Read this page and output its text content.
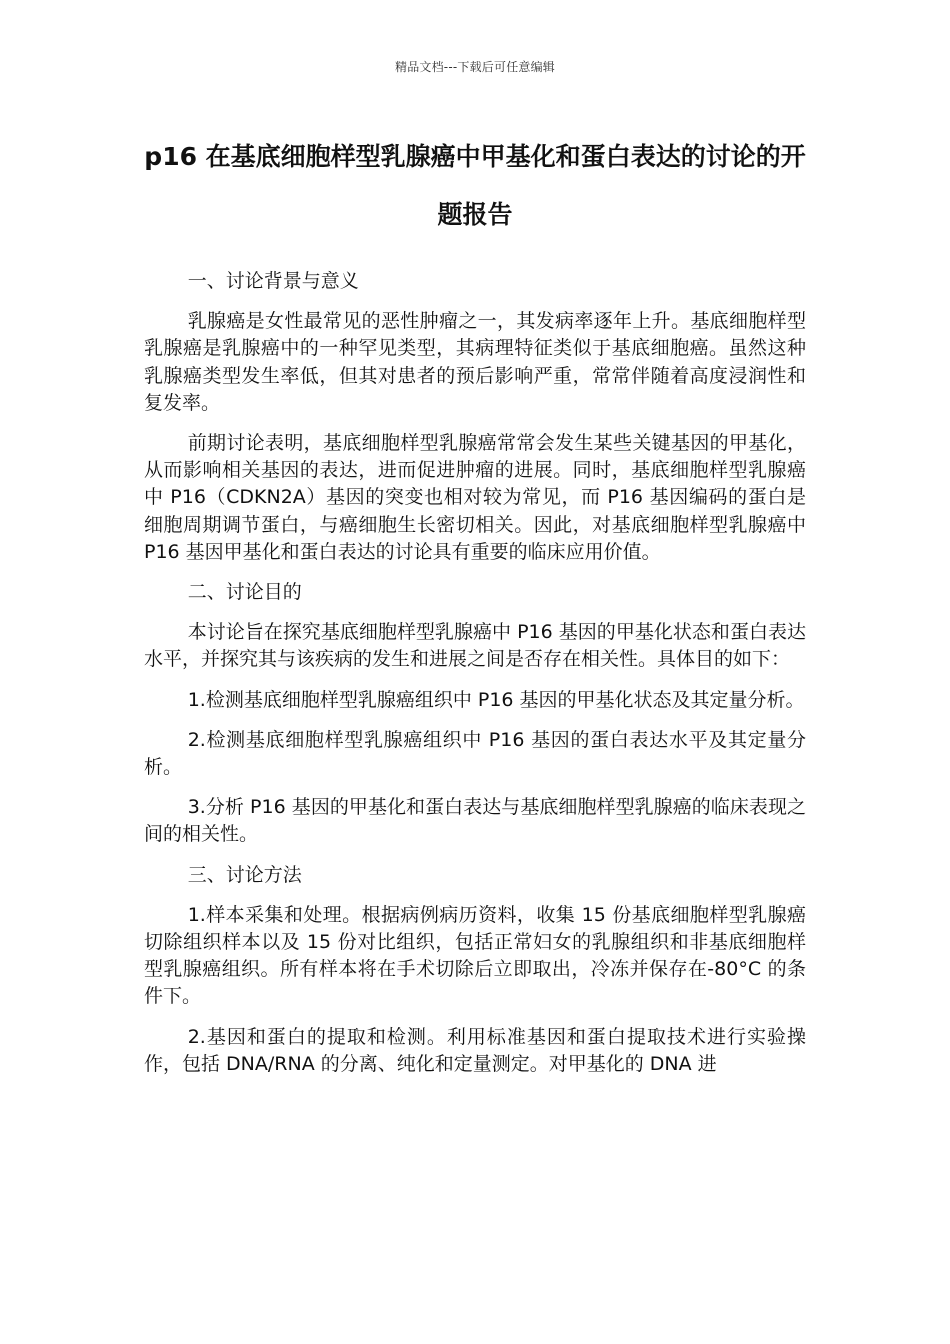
精品文档---下载后可任意编辑
p16 在基底细胞样型乳腺癌中甲基化和蛋白表达的讨论的开题报告

一、讨论背景与意义

乳腺癌是女性最常见的恶性肿瘤之一，其发病率逐年上升。基底细胞样型乳腺癌是乳腺癌中的一种罕见类型，其病理特征类似于基底细胞癌。虽然这种乳腺癌类型发生率低，但其对患者的预后影响严重，常常伴随着高度浸润性和复发率。

前期讨论表明，基底细胞样型乳腺癌常常会发生某些关键基因的甲基化，从而影响相关基因的表达，进而促进肿瘤的进展。同时，基底细胞样型乳腺癌中 P16（CDKN2A）基因的突变也相对较为常见，而 P16 基因编码的蛋白是细胞周期调节蛋白，与癌细胞生长密切相关。因此，对基底细胞样型乳腺癌中 P16 基因甲基化和蛋白表达的讨论具有重要的临床应用价值。

二、讨论目的

本讨论旨在探究基底细胞样型乳腺癌中 P16 基因的甲基化状态和蛋白表达水平，并探究其与该疾病的发生和进展之间是否存在相关性。具体目的如下：

1.检测基底细胞样型乳腺癌组织中 P16 基因的甲基化状态及其定量分析。

2.检测基底细胞样型乳腺癌组织中 P16 基因的蛋白表达水平及其定量分析。

3.分析 P16 基因的甲基化和蛋白表达与基底细胞样型乳腺癌的临床表现之间的相关性。

三、讨论方法

1.样本采集和处理。根据病例病历资料，收集 15 份基底细胞样型乳腺癌切除组织样本以及 15 份对比组织，包括正常妇女的乳腺组织和非基底细胞样型乳腺癌组织。所有样本将在手术切除后立即取出，冷冻并保存在-80°C 的条件下。

2.基因和蛋白的提取和检测。利用标准基因和蛋白提取技术进行实验操作，包括 DNA/RNA 的分离、纯化和定量测定。对甲基化的 DNA 进
